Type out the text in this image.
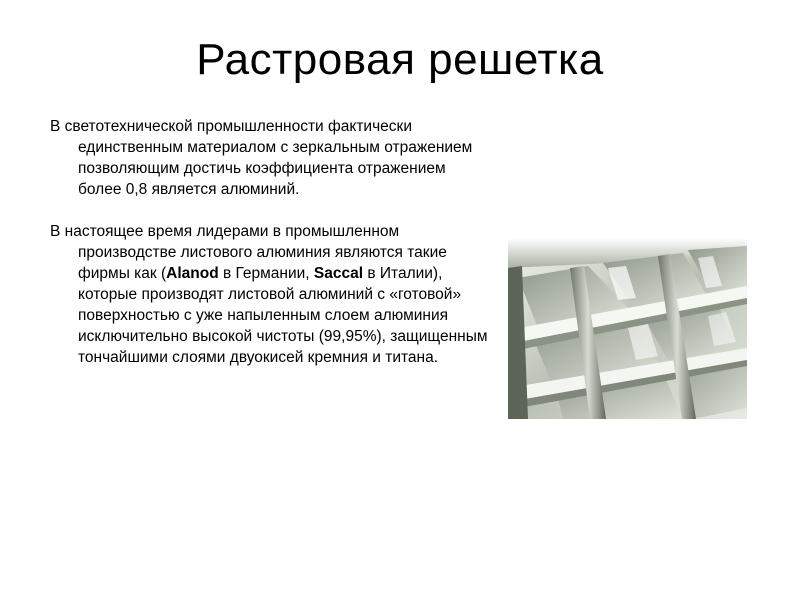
Растровая решетка

В светотехнической промышленности фактически единственным материалом с зеркальным отражением позволяющим достичь коэффициента отражением более 0,8 является алюминий.

В настоящее время лидерами в промышленном производстве листового алюминия являются такие фирмы как (Alanod в Германии, Saccal в Италии), которые производят листовой алюминий с «готовой» поверхностью с уже напыленным слоем алюминия исключительно высокой чистоты (99,95%), защищенным тончайшими слоями двуокисей кремния и титана.
